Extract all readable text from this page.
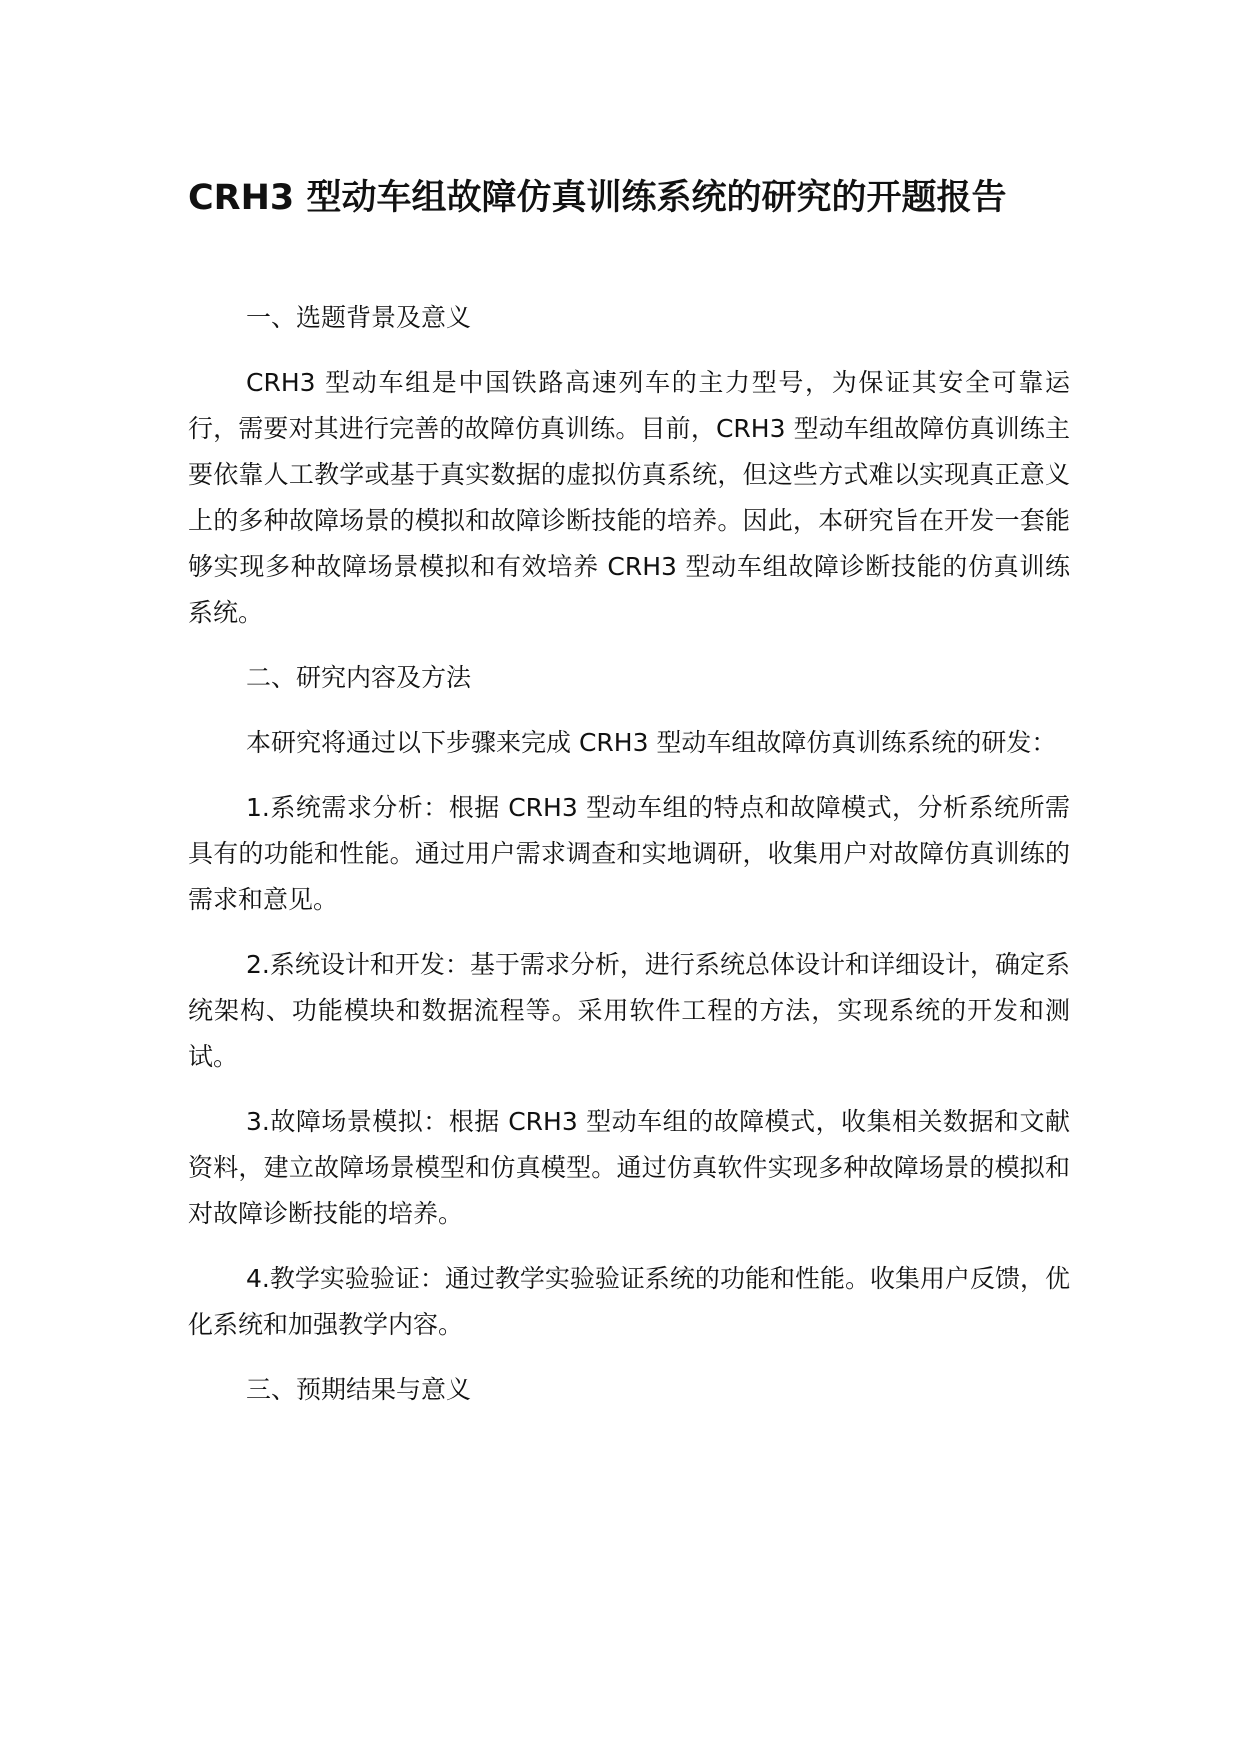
CRH3 型动车组故障仿真训练系统的研究的开题报告
一、选题背景及意义
CRH3 型动车组是中国铁路高速列车的主力型号，为保证其安全可靠运行，需要对其进行完善的故障仿真训练。目前，CRH3 型动车组故障仿真训练主要依靠人工教学或基于真实数据的虚拟仿真系统，但这些方式难以实现真正意义上的多种故障场景的模拟和故障诊断技能的培养。因此，本研究旨在开发一套能够实现多种故障场景模拟和有效培养 CRH3 型动车组故障诊断技能的仿真训练系统。
二、研究内容及方法
本研究将通过以下步骤来完成 CRH3 型动车组故障仿真训练系统的研发：
1.系统需求分析：根据 CRH3 型动车组的特点和故障模式，分析系统所需具有的功能和性能。通过用户需求调查和实地调研，收集用户对故障仿真训练的需求和意见。
2.系统设计和开发：基于需求分析，进行系统总体设计和详细设计，确定系统架构、功能模块和数据流程等。采用软件工程的方法，实现系统的开发和测试。
3.故障场景模拟：根据 CRH3 型动车组的故障模式，收集相关数据和文献资料，建立故障场景模型和仿真模型。通过仿真软件实现多种故障场景的模拟和对故障诊断技能的培养。
4.教学实验验证：通过教学实验验证系统的功能和性能。收集用户反馈，优化系统和加强教学内容。
三、预期结果与意义
